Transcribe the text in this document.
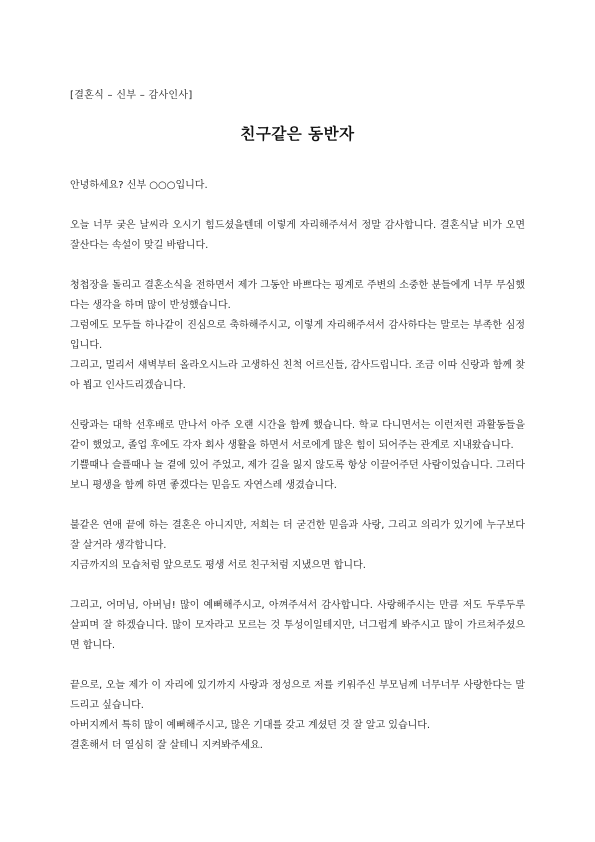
[결혼식 – 신부 – 감사인사]
친구같은 동반자

안녕하세요? 신부 ○○○입니다.

오늘 너무 궂은 날씨라 오시기 힘드셨을텐데 이렇게 자리해주셔서 정말 감사합니다. 결혼식날 비가 오면 잘산다는 속설이 맞길 바랍니다.

청첩장을 돌리고 결혼소식을 전하면서 제가 그동안 바쁘다는 핑계로 주변의 소중한 분들에게 너무 무심했다는 생각을 하며 많이 반성했습니다.

그럼에도 모두들 하나같이 진심으로 축하해주시고, 이렇게 자리해주셔서 감사하다는 말로는 부족한 심정입니다.

그리고, 멀리서 새벽부터 올라오시느라 고생하신 친척 어르신들, 감사드립니다. 조금 이따 신랑과 함께 찾아 뵙고 인사드리겠습니다.

신랑과는 대학 선후배로 만나서 아주 오랜 시간을 함께 했습니다. 학교 다니면서는 이런저런 과활동들을 같이 했었고, 졸업 후에도 각자 회사 생활을 하면서 서로에게 많은 힘이 되어주는 관계로 지내왔습니다.

기쁠때나 슬플때나 늘 곁에 있어 주었고, 제가 길을 잃지 않도록 항상 이끌어주던 사람이었습니다. 그러다보니 평생을 함께 하면 좋겠다는 믿음도 자연스레 생겼습니다.

불같은 연애 끝에 하는 결혼은 아니지만, 저희는 더 굳건한 믿음과 사랑, 그리고 의리가 있기에 누구보다 잘 살거라 생각합니다.

지금까지의 모습처럼 앞으로도 평생 서로 친구처럼 지냈으면 합니다.

그리고, 어머님, 아버님! 많이 예뻐해주시고, 아껴주셔서 감사합니다. 사랑해주시는 만큼 저도 두루두루 살피며 잘 하겠습니다. 많이 모자라고 모르는 것 투성이일테지만, 너그럽게 봐주시고 많이 가르쳐주셨으면 합니다.

끝으로, 오늘 제가 이 자리에 있기까지 사랑과 정성으로 저를 키워주신 부모님께 너무너무 사랑한다는 말 드리고 싶습니다.

아버지께서 특히 많이 예뻐해주시고, 많은 기대를 갖고 계셨던 것 잘 알고 있습니다.

결혼해서 더 열심히 잘 살테니 지켜봐주세요.
